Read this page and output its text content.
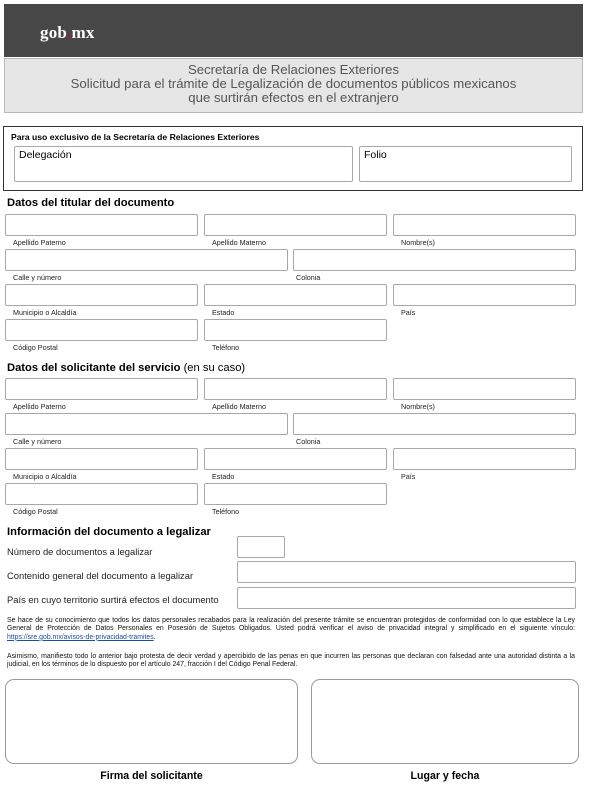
gob.mx
Secretaría de Relaciones Exteriores
Solicitud para el trámite de Legalización de documentos públicos mexicanos
que surtirán efectos en el extranjero
Para uso exclusivo de la Secretaría de Relaciones Exteriores
Delegación	Folio
Datos del titular del documento
Apellido Paterno	Apellido Materno	Nombre(s)
Calle y número	Colonia
Municipio o Alcaldía	Estado	País
Código Postal	Teléfono
Datos del solicitante del servicio (en su caso)
Apellido Paterno	Apellido Materno	Nombre(s)
Calle y número	Colonia
Municipio o Alcaldía	Estado	País
Código Postal	Teléfono
Información del documento a legalizar
Número de documentos a legalizar
Contenido general del documento a legalizar
País en cuyo territorio surtirá efectos el documento
Se hace de su conocimiento que todos los datos personales recabados para la realización del presente trámite se encuentran protegidos de conformidad con lo que establece la Ley General de Protección de Datos Personales en Posesión de Sujetos Obligados. Usted podrá verificar el aviso de privacidad integral y simplificado en el siguiente vínculo: https://sre.gob.mx/avisos-de-privacidad-tramites.
Asimismo, manifiesto todo lo anterior bajo protesta de decir verdad y apercibido de las penas en que incurren las personas que declaran con falsedad ante una autoridad distinta a la judicial, en los términos de lo dispuesto por el artículo 247, fracción I del Código Penal Federal.
Firma del solicitante	Lugar y fecha
